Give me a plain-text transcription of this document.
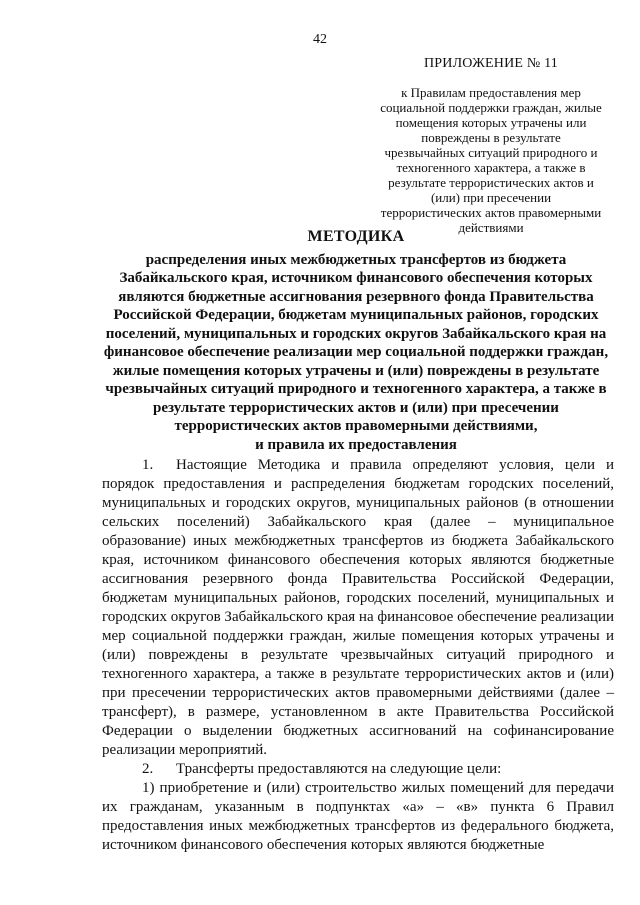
42
ПРИЛОЖЕНИЕ № 11
к Правилам предоставления мер социальной поддержки граждан, жилые помещения которых утрачены или повреждены в результате чрезвычайных ситуаций природного и техногенного характера, а также в результате террористических актов и (или) при пресечении террористических актов правомерными действиями
МЕТОДИКА
распределения иных межбюджетных трансфертов из бюджета Забайкальского края, источником финансового обеспечения которых являются бюджетные ассигнования резервного фонда Правительства Российской Федерации, бюджетам муниципальных районов, городских поселений, муниципальных и городских округов Забайкальского края на финансовое обеспечение реализации мер социальной поддержки граждан, жилые помещения которых утрачены и (или) повреждены в результате чрезвычайных ситуаций природного и техногенного характера, а также в результате террористических актов и (или) при пресечении террористических актов правомерными действиями,
и правила их предоставления

1. Настоящие Методика и правила определяют условия, цели и порядок предоставления и распределения бюджетам городских поселений, муниципальных и городских округов, муниципальных районов (в отношении сельских поселений) Забайкальского края (далее – муниципальное образование) иных межбюджетных трансфертов из бюджета Забайкальского края, источником финансового обеспечения которых являются бюджетные ассигнования резервного фонда Правительства Российской Федерации, бюджетам муниципальных районов, городских поселений, муниципальных и городских округов Забайкальского края на финансовое обеспечение реализации мер социальной поддержки граждан, жилые помещения которых утрачены и (или) повреждены в результате чрезвычайных ситуаций природного и техногенного характера, а также в результате террористических актов и (или) при пресечении террористических актов правомерными действиями (далее – трансферт), в размере, установленном в акте Правительства Российской Федерации о выделении бюджетных ассигнований на софинансирование реализации мероприятий.

2. Трансферты предоставляются на следующие цели:

1) приобретение и (или) строительство жилых помещений для передачи их гражданам, указанным в подпунктах «а» – «в» пункта 6 Правил предоставления иных межбюджетных трансфертов из федерального бюджета, источником финансового обеспечения которых являются бюджетные
